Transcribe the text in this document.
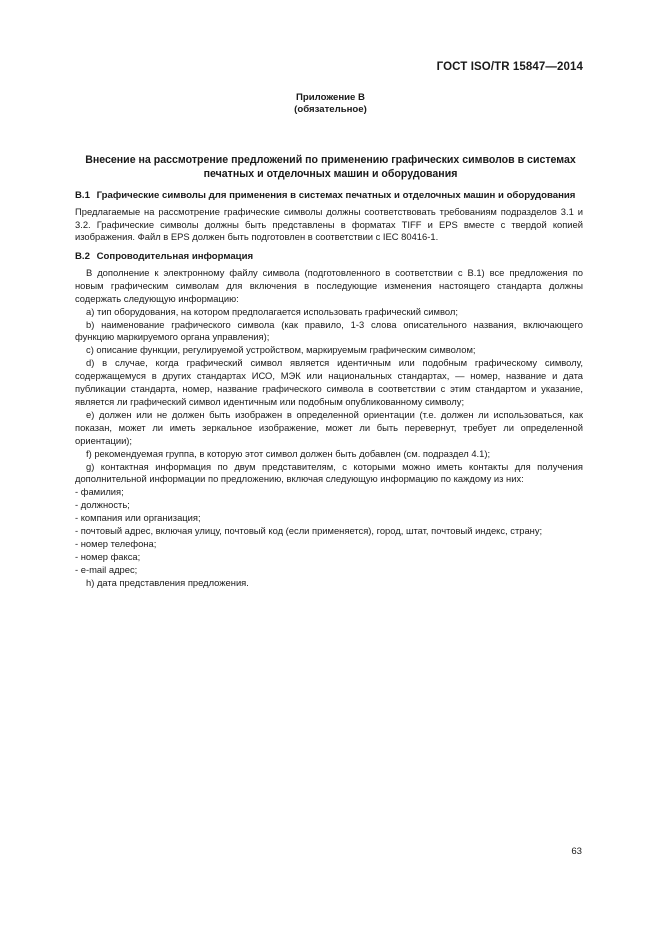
ГОСТ ISO/TR 15847—2014
Приложение В
(обязательное)
Внесение на рассмотрение предложений по применению графических символов в системах
печатных и отделочных машин и оборудования
В.1 Графические символы для применения в системах печатных и отделочных машин и оборудования

Предлагаемые на рассмотрение графические символы должны соответствовать требованиям подразделов 3.1 и 3.2. Графические символы должны быть представлены в форматах TIFF и EPS вместе с твердой копией изображения. Файл в EPS должен быть подготовлен в соответствии с IEC 80416-1.

В.2 Сопроводительная информация

В дополнение к электронному файлу символа (подготовленного в соответствии с В.1) все предложения по новым графическим символам для включения в последующие изменения настоящего стандарта должны содержать следующую информацию:

а) тип оборудования, на котором предполагается использовать графический символ;

b) наименование графического символа (как правило, 1-3 слова описательного названия, включающего функцию маркируемого органа управления);

c) описание функции, регулируемой устройством, маркируемым графическим символом;

d) в случае, когда графический символ является идентичным или подобным графическому символу, содержащемуся в других стандартах ИСО, МЭК или национальных стандартах, — номер, название и дата публикации стандарта, номер, название графического символа в соответствии с этим стандартом и указание, является ли графический символ идентичным или подобным опубликованному символу;

е) должен или не должен быть изображен в определенной ориентации (т.е. должен ли использоваться, как показан, может ли иметь зеркальное изображение, может ли быть перевернут, требует ли определенной ориентации);

f) рекомендуемая группа, в которую этот символ должен быть добавлен (см. подраздел 4.1);

g) контактная информация по двум представителям, с которыми можно иметь контакты для получения дополнительной информации по предложению, включая следующую информацию по каждому из них:

- фамилия;

- должность;

- компания или организация;

- почтовый адрес, включая улицу, почтовый код (если применяется), город, штат, почтовый индекс, страну;

- номер телефона;

- номер факса;

- e-mail адрес;

h) дата представления предложения.

63
